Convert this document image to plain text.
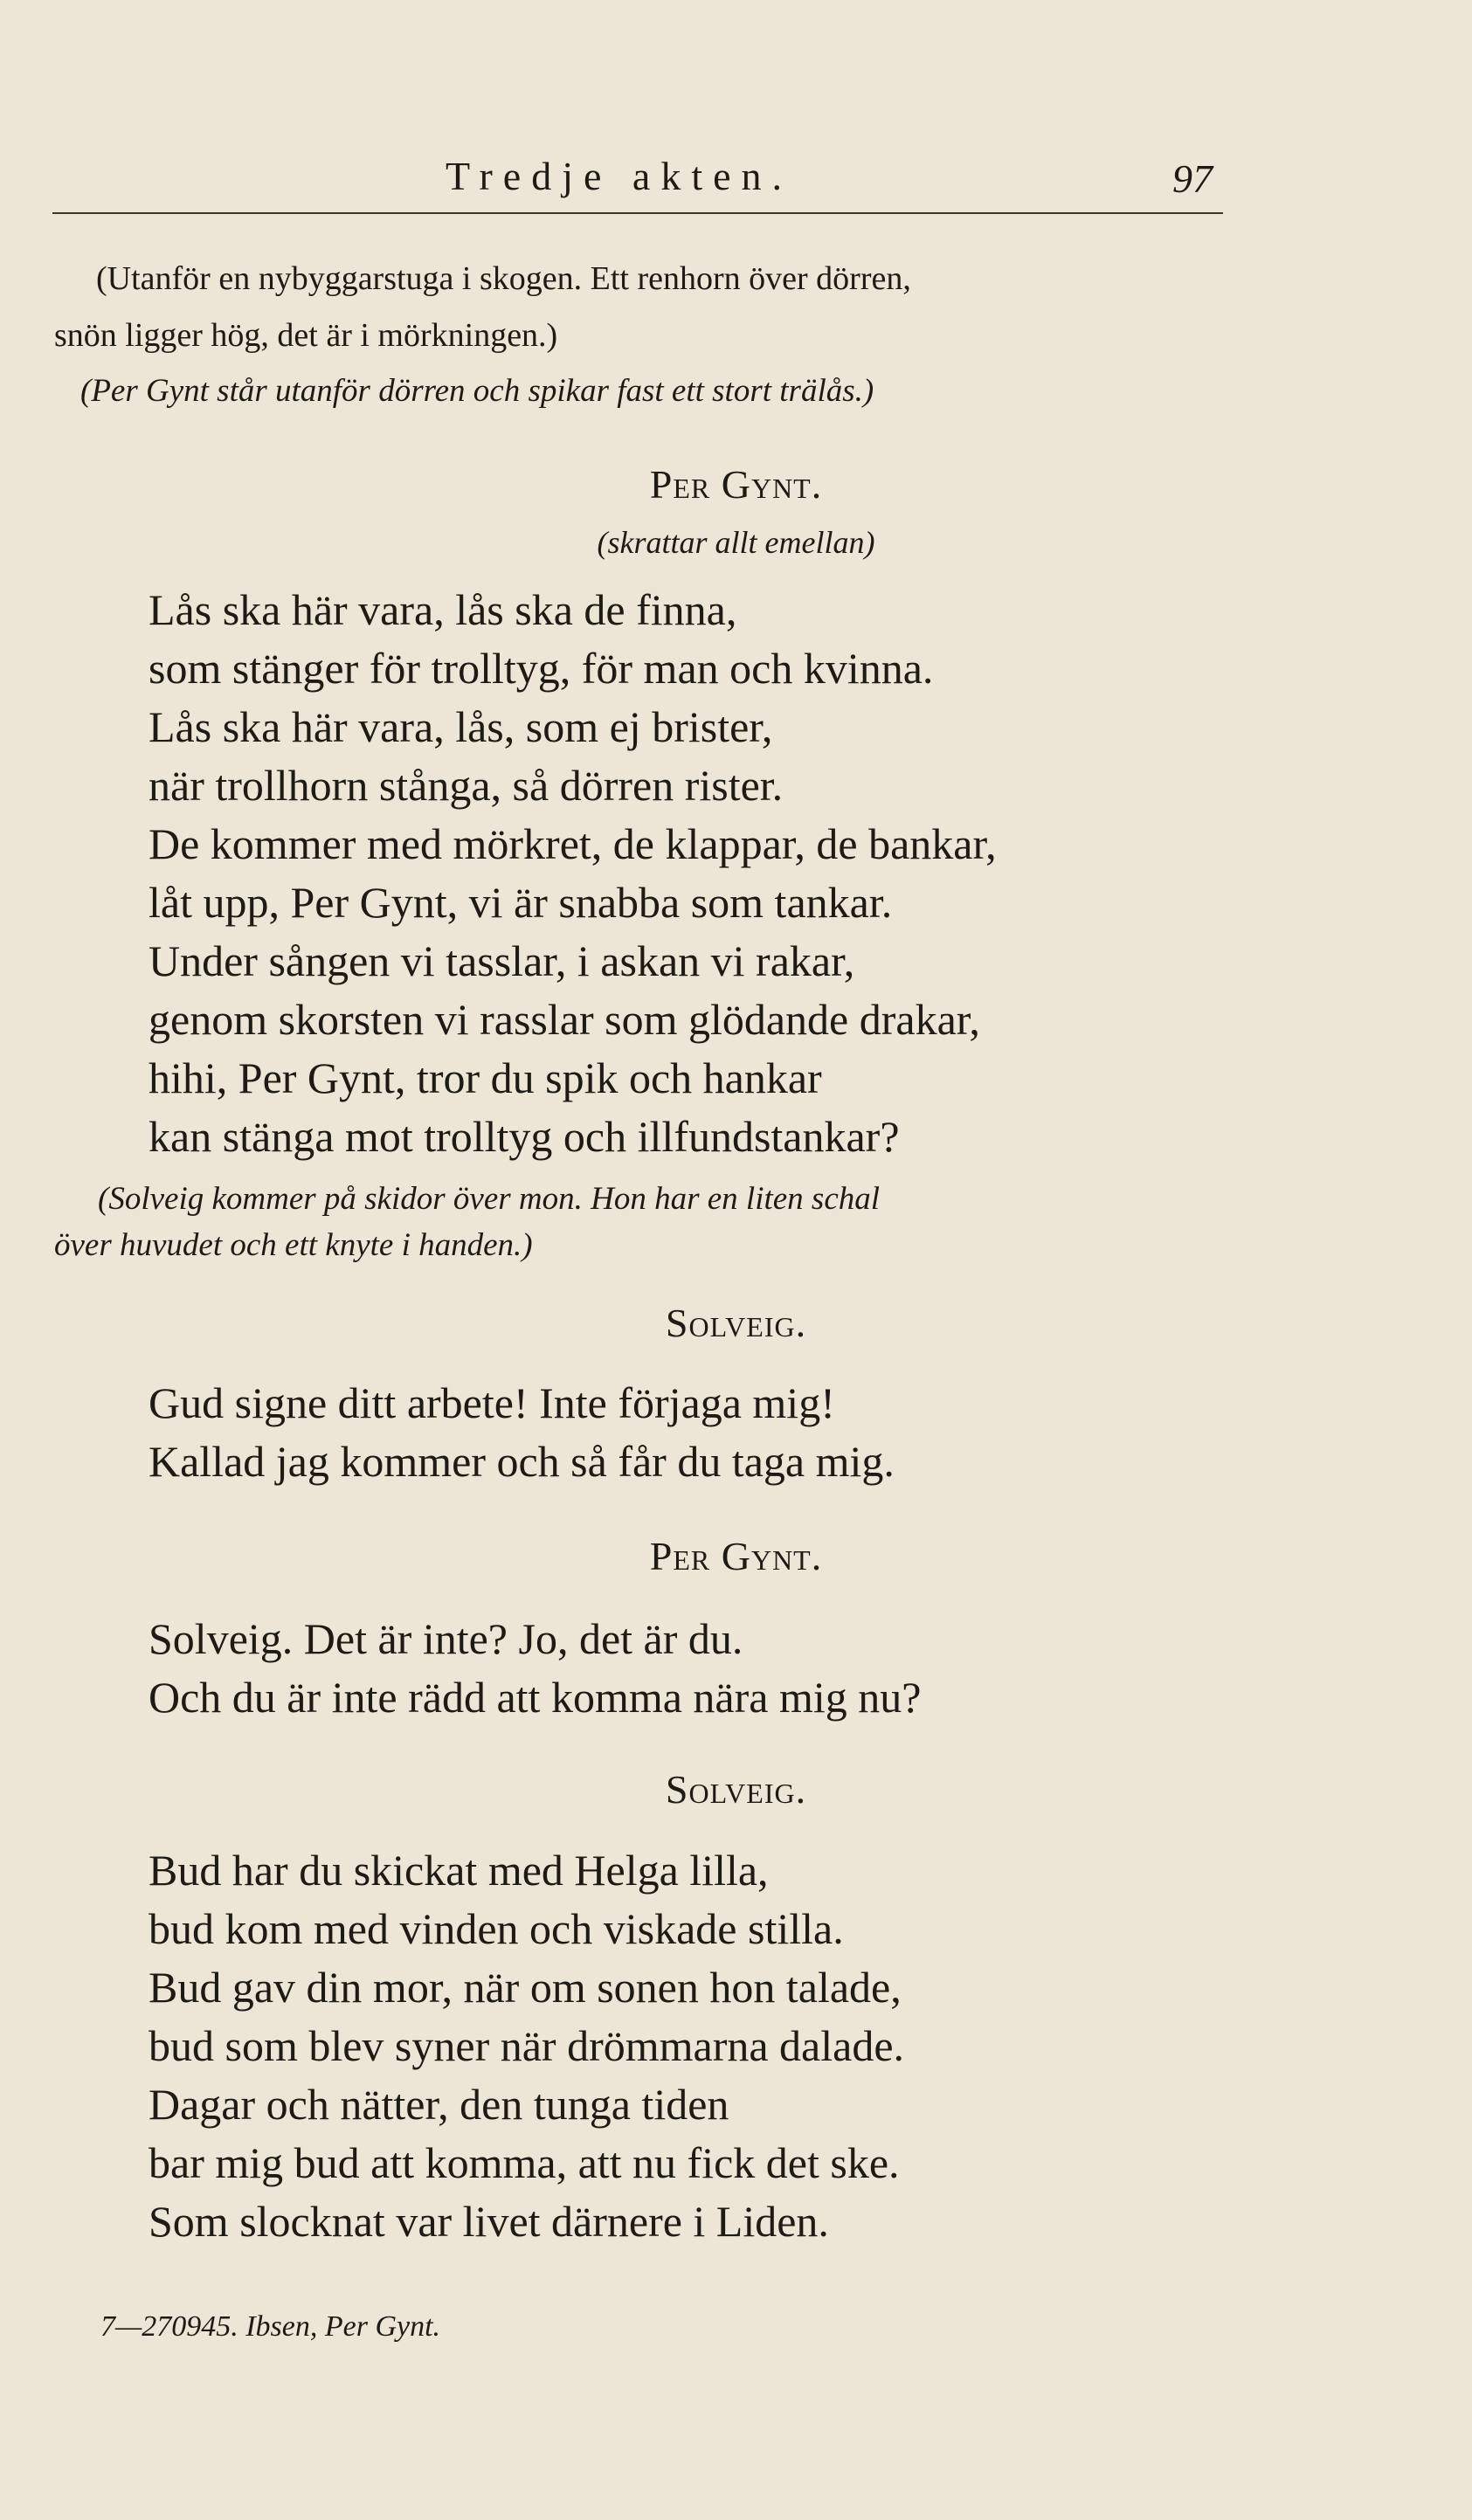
Tredje akten.	97
(Utanför en nybyggarstuga i skogen. Ett renhorn över dörren,
snön ligger hög, det är i mörkningen.)
(Per Gynt står utanför dörren och spikar fast ett stort trälås.)
Per Gynt.
(skrattar allt emellan)
Lås ska här vara, lås ska de finna,
som stänger för trolltyg, för man och kvinna.
Lås ska här vara, lås, som ej brister,
när trollhorn stånga, så dörren rister.
De kommer med mörkret, de klappar, de bankar,
låt upp, Per Gynt, vi är snabba som tankar.
Under sången vi tasslar, i askan vi rakar,
genom skorsten vi rasslar som glödande drakar,
hihi, Per Gynt, tror du spik och hankar
kan stänga mot trolltyg och illfundstankar?
(Solveig kommer på skidor över mon. Hon har en liten schal
över huvudet och ett knyte i handen.)
Solveig.
Gud signe ditt arbete! Inte förjaga mig!
Kallad jag kommer och så får du taga mig.
Per Gynt.
Solveig. Det är inte? Jo, det är du.
Och du är inte rädd att komma nära mig nu?
Solveig.
Bud har du skickat med Helga lilla,
bud kom med vinden och viskade stilla.
Bud gav din mor, när om sonen hon talade,
bud som blev syner när drömmarna dalade.
Dagar och nätter, den tunga tiden
bar mig bud att komma, att nu fick det ske.
Som slocknat var livet därnere i Liden.
7—270945. Ibsen, Per Gynt.
